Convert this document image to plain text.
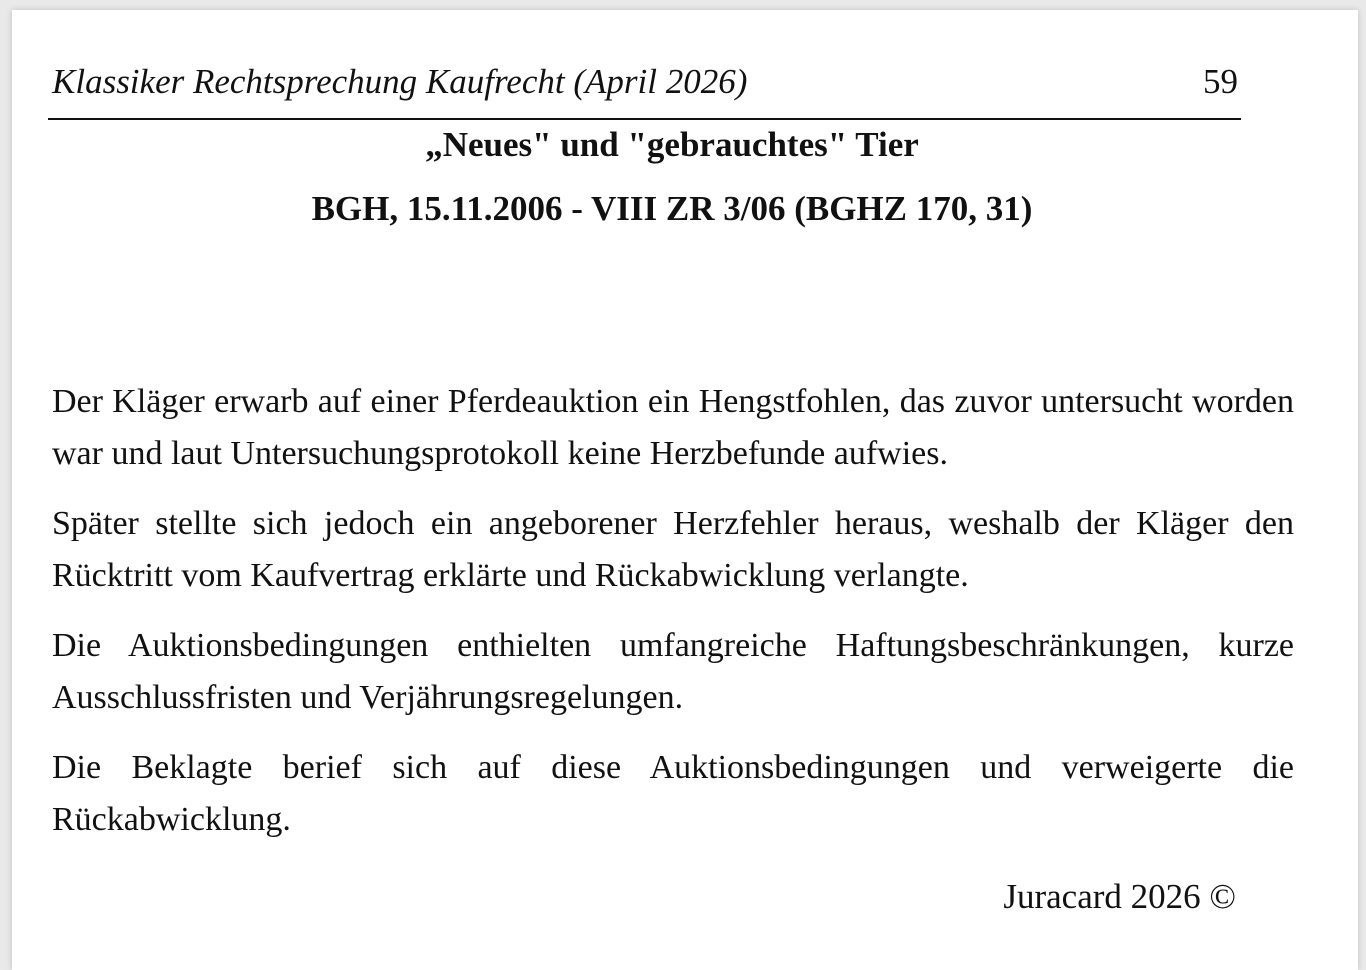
Klassiker Rechtsprechung Kaufrecht (April 2026)	59
„Neues" und "gebrauchtes" Tier
BGH, 15.11.2006 - VIII ZR 3/06 (BGHZ 170, 31)

Der Kläger erwarb auf einer Pferdeauktion ein Hengstfohlen, das zuvor untersucht worden war und laut Untersuchungsprotokoll keine Herzbefunde aufwies.

Später stellte sich jedoch ein angeborener Herzfehler heraus, weshalb der Kläger den Rücktritt vom Kaufvertrag erklärte und Rückabwicklung verlangte.

Die Auktionsbedingungen enthielten umfangreiche Haftungsbeschränkungen, kurze Ausschlussfristen und Verjährungsregelungen.

Die Beklagte berief sich auf diese Auktionsbedingungen und verweigerte die Rückabwicklung.

Juracard 2026 ©
